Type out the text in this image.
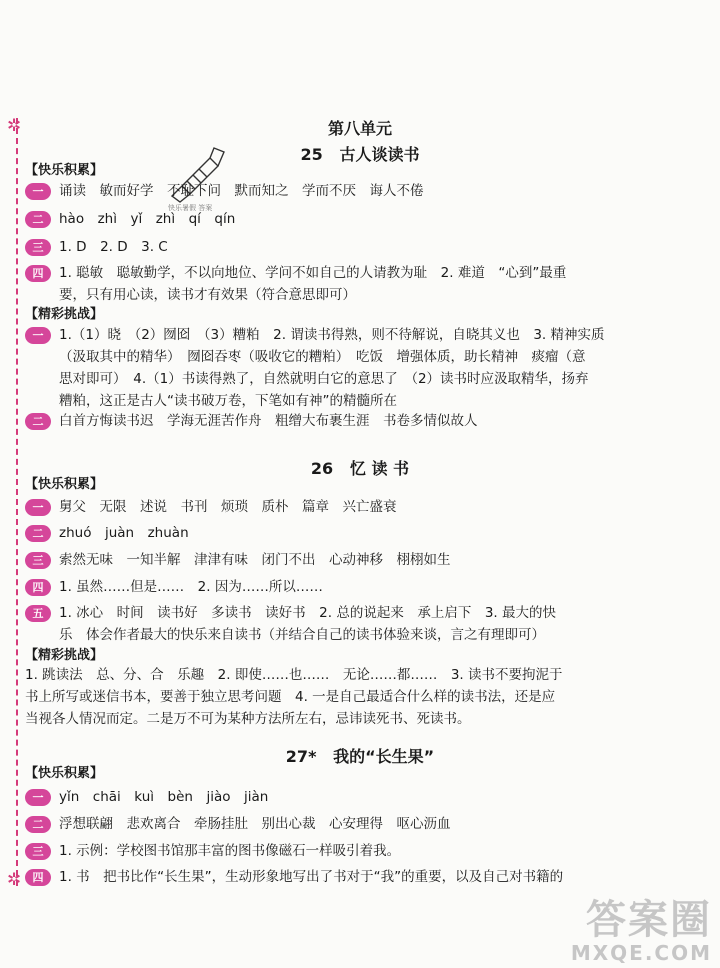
✲
✲
快乐暑假 答案
第八单元
25 古人谈读书
【快乐积累】
一 诵读　敏而好学　不耻下问　默而知之　学而不厌　诲人不倦
二 hào　zhì　yǐ　zhì　qí　qín
三 1. D　2. D　3. C
四 1. 聪敏　聪敏勤学，不以向地位、学问不如自己的人请教为耻　2. 难道　“心到”最重
要，只有用心读，读书才有效果（符合意思即可）
【精彩挑战】
一 1.（1）晓　（2）囫囵　（3）糟粕　2. 谓读书得熟，则不待解说，自晓其义也　3. 精神实质
（汲取其中的精华）　囫囵吞枣（吸收它的糟粕）　吃饭　增强体质，助长精神　痰瘤（意
思对即可）　4.（1）书读得熟了，自然就明白它的意思了　（2）读书时应汲取精华，扬弃
糟粕，这正是古人“读书破万卷，下笔如有神”的精髓所在
二 白首方悔读书迟　学海无涯苦作舟　粗缯大布裹生涯　书卷多情似故人
26 忆 读 书
【快乐积累】
一 舅父　无限　述说　书刊　烦琐　质朴　篇章　兴亡盛衰
二 zhuó　juàn　zhuàn
三 索然无味　一知半解　津津有味　闭门不出　心动神移　栩栩如生
四 1. 虽然……但是……　2. 因为……所以……
五 1. 冰心　时间　读书好　多读书　读好书　2. 总的说起来　承上启下　3. 最大的快
乐　体会作者最大的快乐来自读书（并结合自己的读书体验来谈，言之有理即可）
【精彩挑战】
1. 跳读法　总、分、合　乐趣　2. 即使……也……　无论……都……　3. 读书不要拘泥于
书上所写或迷信书本，要善于独立思考问题　4. 一是自己最适合什么样的读书法，还是应
当视各人情况而定。二是万不可为某种方法所左右，忌讳读死书、死读书。
27* 我的“长生果”
【快乐积累】
一 yǐn　chāi　kuì　bèn　jiào　jiàn
二 浮想联翩　悲欢离合　牵肠挂肚　别出心裁　心安理得　呕心沥血
三 1. 示例：学校图书馆那丰富的图书像磁石一样吸引着我。
四 1. 书　把书比作“长生果”，生动形象地写出了书对于“我”的重要，以及自己对书籍的
答案圈
MXQE.COM
